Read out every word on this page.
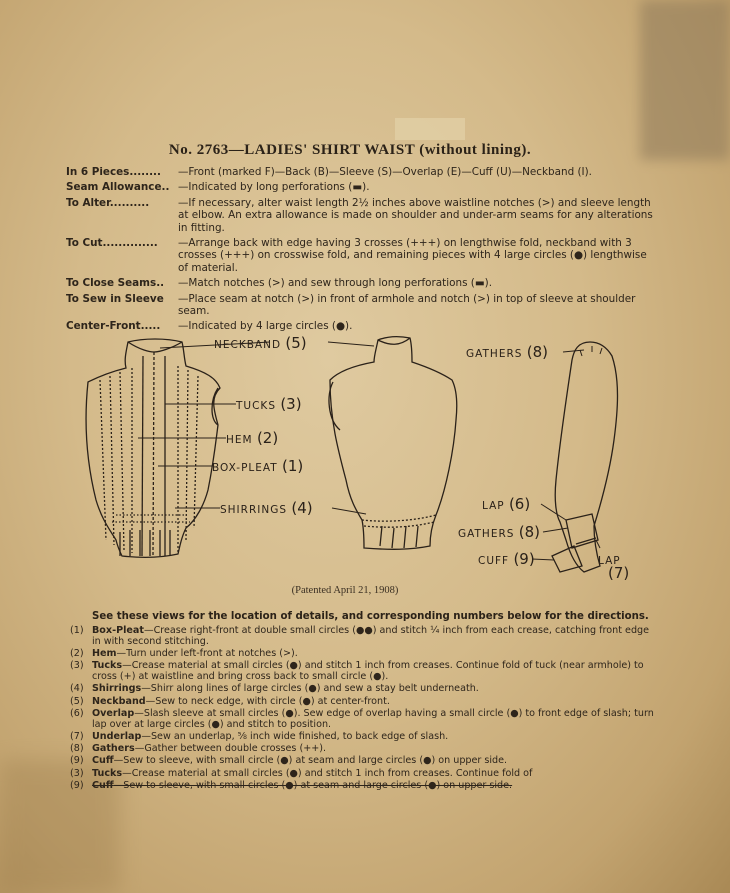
No. 2763—LADIES' SHIRT WAIST (without lining).
In 6 Pieces........	—Front (marked F)—Back (B)—Sleeve (S)—Overlap (E)—Cuff (U)—Neckband (I).
Seam Allowance.. —Indicated by long perforations (▬).
To Alter..........	—If necessary, alter waist length 2½ inches above waistline notches (>) and sleeve length at elbow. An extra allowance is made on shoulder and under-arm seams for any alterations in fitting.
To Cut..............	—Arrange back with edge having 3 crosses (+++) on lengthwise fold, neckband with 3 crosses (+++) on crosswise fold, and remaining pieces with 4 large circles (●) lengthwise of material.
To Close Seams..	—Match notches (>) and sew through long perforations (▬).
To Sew in Sleeve	—Place seam at notch (>) in front of armhole and notch (>) in top of sleeve at shoulder seam.
Center-Front.....	—Indicated by 4 large circles (●).
NECKBAND (5)
TUCKS (3)
HEM (2)
BOX-PLEAT (1)
SHIRRINGS (4)
GATHERS (8)
LAP (6)
GATHERS (8)
CUFF (9)	LAP
(7)
(Patented April 21, 1908)
See these views for the location of details, and corresponding numbers below for the directions.
(1) Box-Pleat—Crease right-front at double small circles (●●) and stitch ¼ inch from each crease, catching front edge in with second stitching.
(2) Hem—Turn under left-front at notches (>).
(3) Tucks—Crease material at small circles (●) and stitch 1 inch from creases. Continue fold of tuck (near armhole) to cross (+) at waistline and bring cross back to small circle (●).
(4) Shirrings—Shirr along lines of large circles (●) and sew a stay belt underneath.
(5) Neckband—Sew to neck edge, with circle (●) at center-front.
(6) Overlap—Slash sleeve at small circles (●). Sew edge of overlap having a small circle (●) to front edge of slash; turn lap over at large circles (●) and stitch to position.
(7) Underlap—Sew an underlap, ⅝ inch wide finished, to back edge of slash.
(8) Gathers—Gather between double crosses (++).
(9) Cuff—Sew to sleeve, with small circle (●) at seam and large circles (●) on upper side.
(3) Tucks—Crease material at small circles (●) and stitch 1 inch from creases. Continue fold of
(9) Cuff—Sew to sleeve, with small circles (●) at seam and large circles (●) on upper side.
